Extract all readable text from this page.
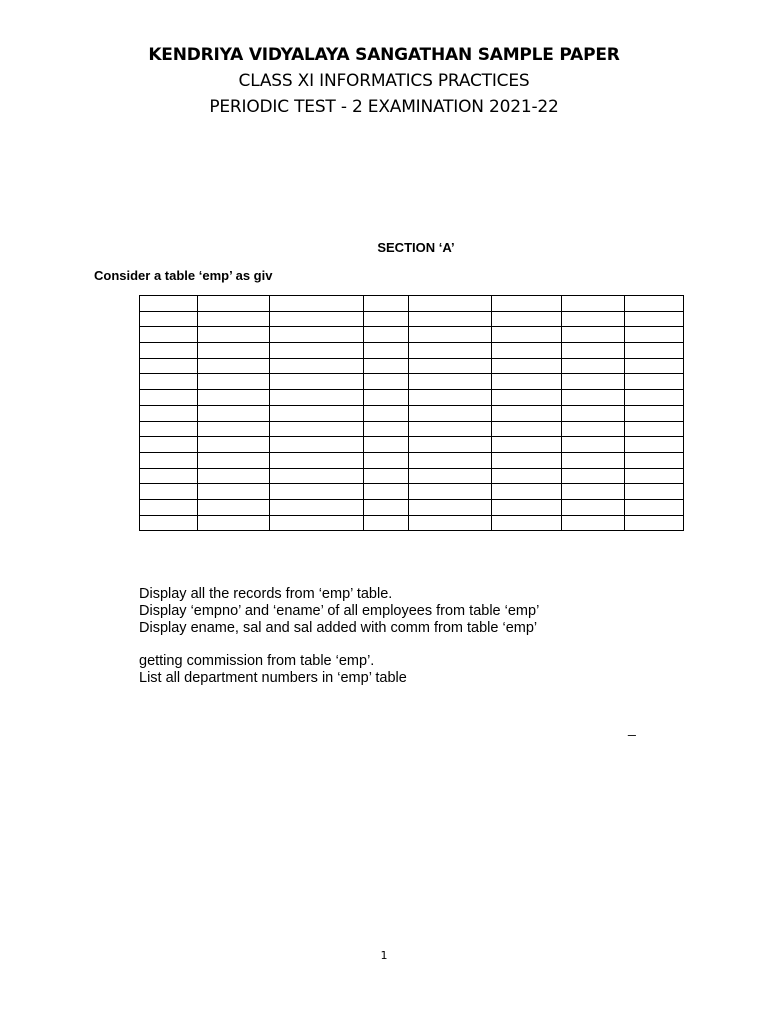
KENDRIYA VIDYALAYA SANGATHAN SAMPLE PAPER
CLASS XI INFORMATICS PRACTICES
PERIODIC TEST - 2 EXAMINATION 2021-22
SECTION ‘A’
Consider a table ‘emp’ as giv

Display all the records from ‘emp’ table.
Display ‘empno’ and ‘ename’ of all employees from table ‘emp’
Display ename, sal and sal added with comm from table ‘emp’
getting commission from table ‘emp’.
List all department numbers in ‘emp’ table
_
1
